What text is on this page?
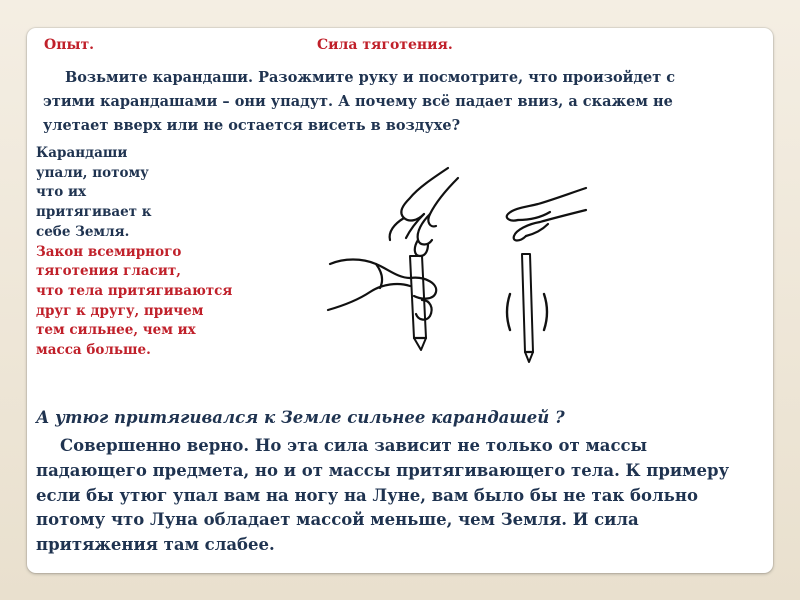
Опыт.	Сила тяготения.
Возьмите карандаши. Разожмите руку и посмотрите, что произойдет с этими карандашами – они упадут. А почему всё падает вниз, а скажем не улетает вверх или не остается висеть в воздухе?
Карандаши
упали, потому
что их
притягивает к
себе Земля.
Закон всемирного
тяготения гласит,
что тела притягиваются
друг к другу, причем
тем сильнее, чем их
масса больше.
А утюг притягивался к Земле сильнее карандашей ?
Совершенно верно. Но эта сила зависит не только от массы
падающего предмета, но и от массы притягивающего тела. К примеру
если бы утюг упал вам на ногу на Луне, вам было бы не так больно
потому что Луна обладает массой меньше, чем Земля. И сила
притяжения там слабее.
